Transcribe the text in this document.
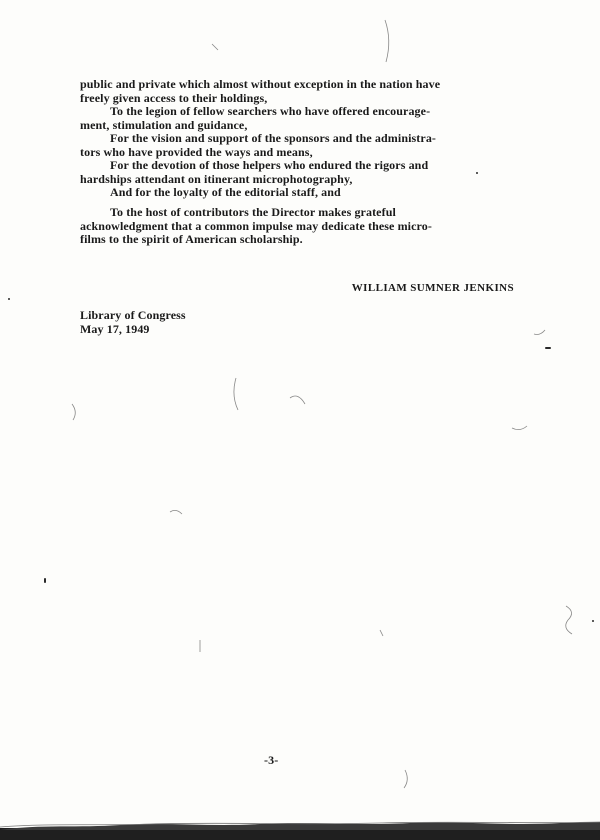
public and private which almost without exception in the nation have
freely given access to their holdings,
To the legion of fellow searchers who have offered encourage-
ment, stimulation and guidance,
For the vision and support of the sponsors and the administra-
tors who have provided the ways and means,
For the devotion of those helpers who endured the rigors and
hardships attendant on itinerant microphotography,
And for the loyalty of the editorial staff, and
To the host of contributors the Director makes grateful
acknowledgment that a common impulse may dedicate these micro-
films to the spirit of American scholarship.
WILLIAM SUMNER JENKINS
Library of Congress
May 17, 1949
-3-
